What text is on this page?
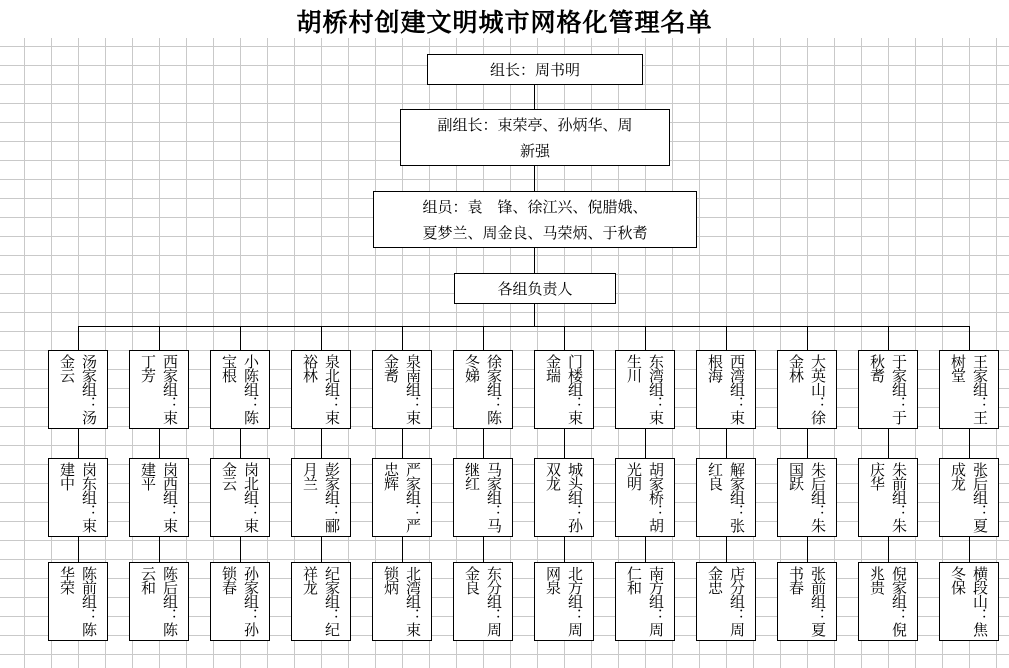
胡桥村创建文明城市网格化管理名单
组长：周书明
副组长：束荣亭、孙炳华、周
新强
组员：袁　锋、徐江兴、倪腊娥、
夏梦兰、周金良、马荣炳、于秋耉
各组负责人
汤家组：汤金云	西家组：束丁芳	小陈组：陈宝根	泉北组：束裕林	泉南组：束金耉	徐家组：陈冬娣	门楼组：束金瑞	东湾组：束生川	西湾组：束根海	大英山：徐金林	于家组：于秋耉	王家组：王树堂
岗东组：束建中	岗西组：束建平	岗北组：束金云	彭家组：郦月兰	严家组：严忠辉	马家组：马继红	城头组：孙双龙	胡家桥：胡光明	解家组：张红良	朱后组：朱国跃	朱前组：朱庆华	张后组：夏成龙
陈前组：陈华荣	陈后组：陈云和	孙家组：孙锁春	纪家组：纪祥龙	北湾组：束锁炳	东分组：周金良	北方组：周网泉	南方组：周仁和	店分组：周金忠	张前组：夏书春	倪家组：倪兆贵	横段山：焦冬保
